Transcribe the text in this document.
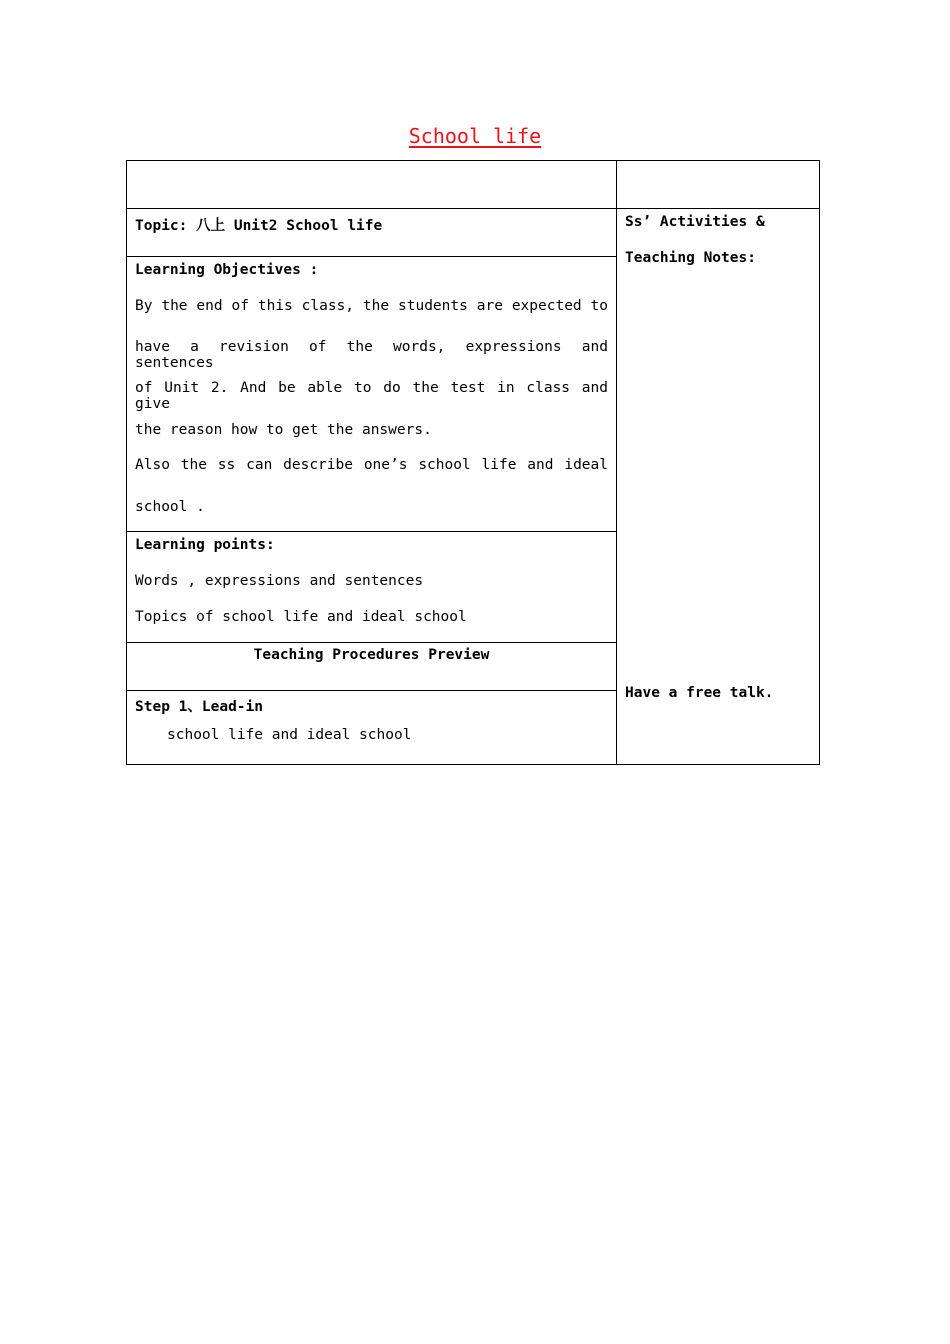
School life
Topic: 八上 Unit2 School life
Learning Objectives :
By the end of this class, the students are expected to
have a revision of the words, expressions and sentences
of Unit 2. And be able to do the test in class and give
the reason how to get the answers.
Also the ss can describe one’s school life and ideal
school .
Learning points:
Words , expressions and sentences
Topics of school life and ideal school
Teaching Procedures Preview
Step 1、Lead-in
school life and ideal school
Ss’ Activities &
Teaching Notes:
Have a free talk.
